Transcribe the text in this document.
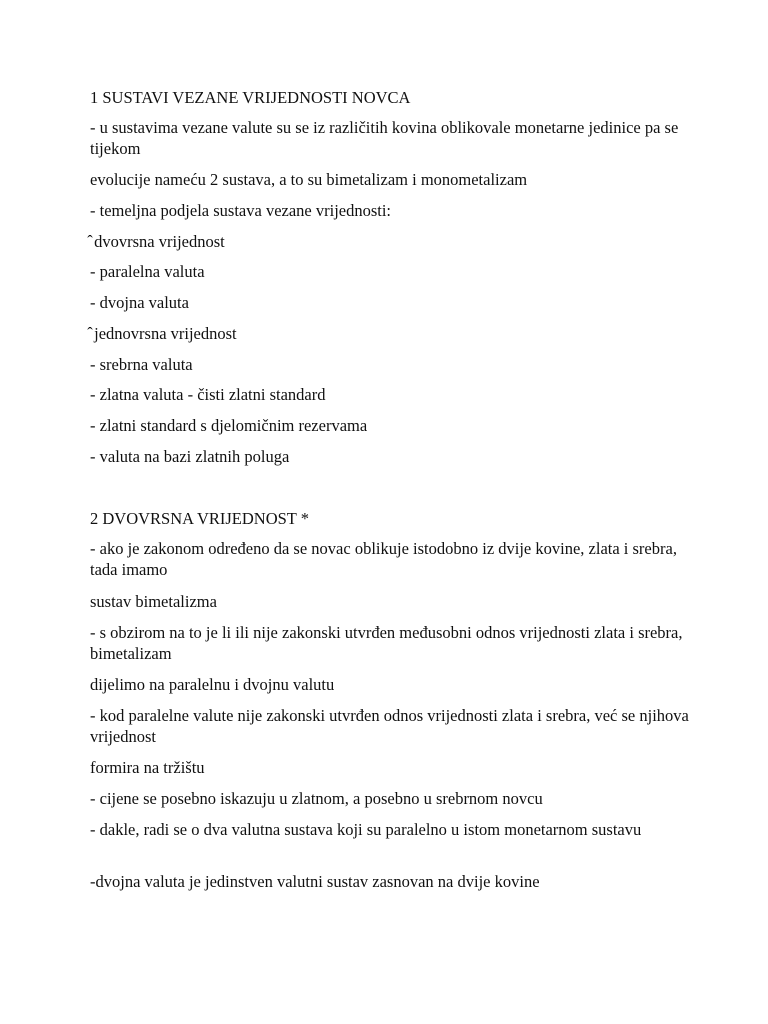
1 SUSTAVI VEZANE VRIJEDNOSTI NOVCA
- u sustavima vezane valute su se iz različitih kovina oblikovale monetarne jedinice pa se tijekom
evolucije nameću 2 sustava, a to su bimetalizam i monometalizam
- temeljna podjela sustava vezane vrijednosti:
̂ dvovrsna vrijednost
- paralelna valuta
- dvojna valuta
̂ jednovrsna vrijednost
- srebrna valuta
- zlatna valuta - čisti zlatni standard
- zlatni standard s djelomičnim rezervama
- valuta na bazi zlatnih poluga
2 DVOVRSNA VRIJEDNOST *
- ako je zakonom određeno da se novac oblikuje istodobno iz dvije kovine, zlata i srebra, tada imamo
sustav bimetalizma
- s obzirom na to je li ili nije zakonski utvrđen međusobni odnos vrijednosti zlata i srebra, bimetalizam
dijelimo na paralelnu i dvojnu valutu
- kod paralelne valute nije zakonski utvrđen odnos vrijednosti zlata i srebra, već se njihova vrijednost
formira na tržištu
- cijene se posebno iskazuju u zlatnom, a posebno u srebrnom novcu
- dakle, radi se o dva valutna sustava koji su paralelno u istom monetarnom sustavu
-dvojna valuta je jedinstven valutni sustav zasnovan na dvije kovine
